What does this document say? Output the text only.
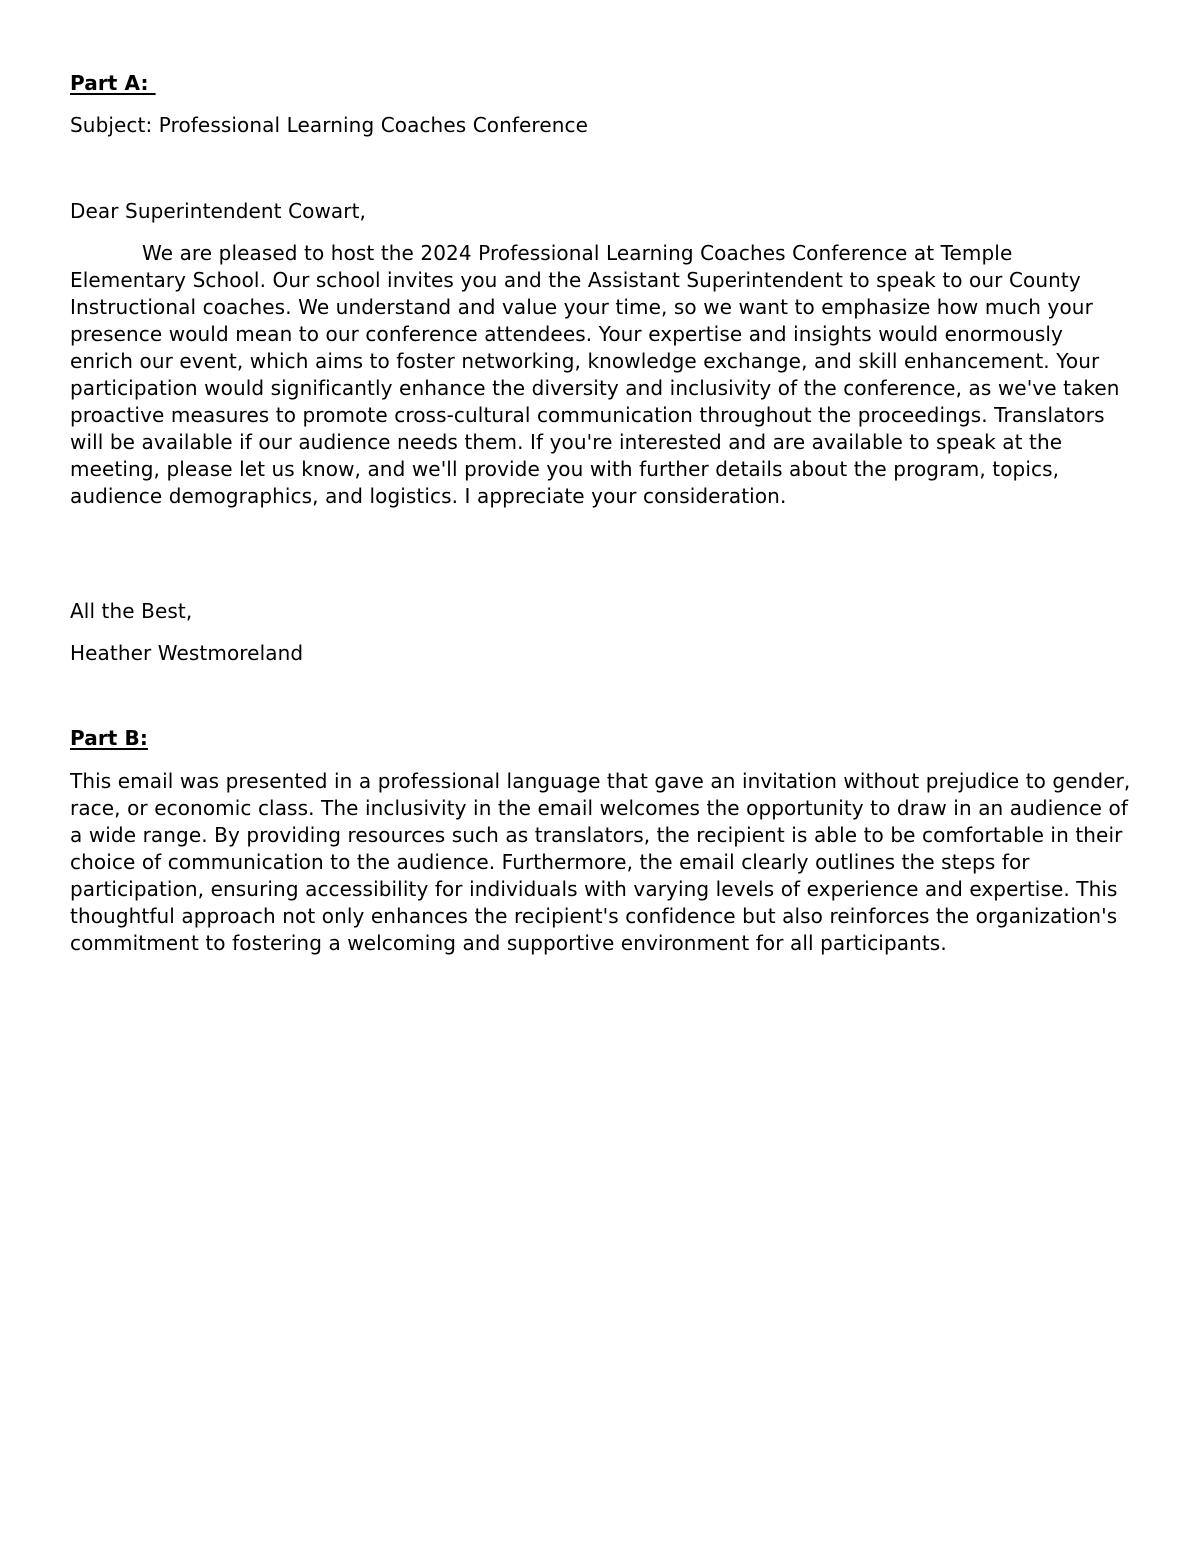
Part A:

Subject: Professional Learning Coaches Conference

Dear Superintendent Cowart,

We are pleased to host the 2024 Professional Learning Coaches Conference at Temple Elementary School. Our school invites you and the Assistant Superintendent to speak to our County Instructional coaches. We understand and value your time, so we want to emphasize how much your presence would mean to our conference attendees. Your expertise and insights would enormously enrich our event, which aims to foster networking, knowledge exchange, and skill enhancement. Your participation would significantly enhance the diversity and inclusivity of the conference, as we've taken proactive measures to promote cross-cultural communication throughout the proceedings. Translators will be available if our audience needs them. If you're interested and are available to speak at the meeting, please let us know, and we'll provide you with further details about the program, topics, audience demographics, and logistics. I appreciate your consideration.

All the Best,

Heather Westmoreland

Part B:

This email was presented in a professional language that gave an invitation without prejudice to gender, race, or economic class. The inclusivity in the email welcomes the opportunity to draw in an audience of a wide range. By providing resources such as translators, the recipient is able to be comfortable in their choice of communication to the audience. Furthermore, the email clearly outlines the steps for participation, ensuring accessibility for individuals with varying levels of experience and expertise. This thoughtful approach not only enhances the recipient's confidence but also reinforces the organization's commitment to fostering a welcoming and supportive environment for all participants.
